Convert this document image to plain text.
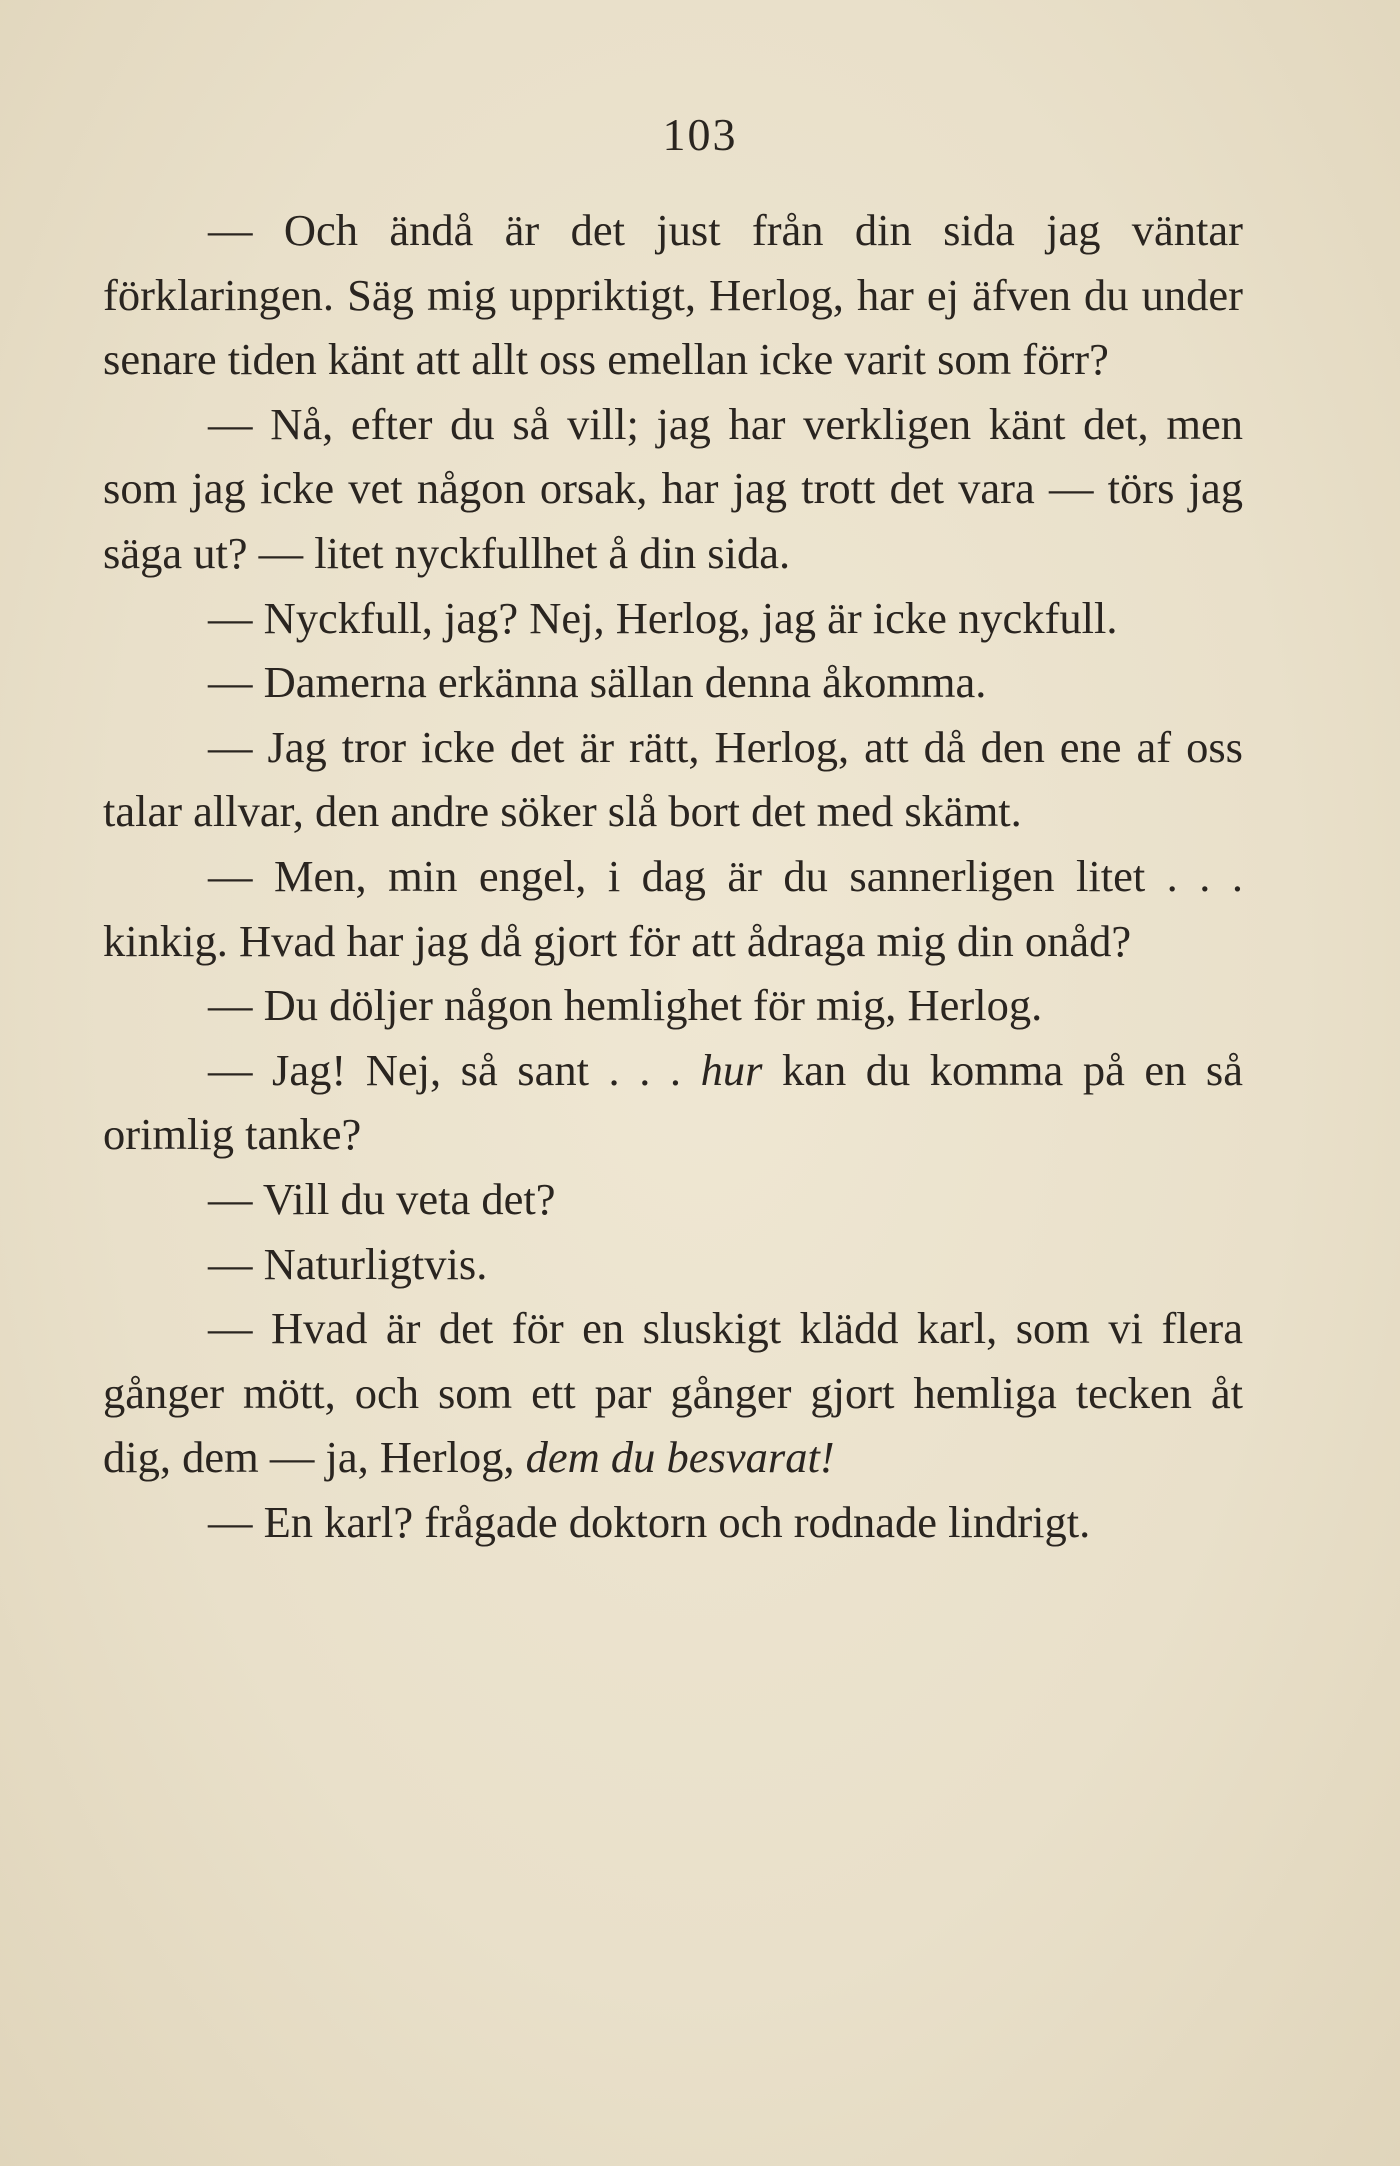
103

— Och ändå är det just från din sida jag väntar förklaringen. Säg mig uppriktigt, Herlog, har ej äfven du under senare tiden känt att allt oss emellan icke varit som förr?

— Nå, efter du så vill; jag har verkligen känt det, men som jag icke vet någon orsak, har jag trott det vara — törs jag säga ut? — litet nyckfullhet å din sida.

— Nyckfull, jag? Nej, Herlog, jag är icke nyckfull.

— Damerna erkänna sällan denna åkomma.

— Jag tror icke det är rätt, Herlog, att då den ene af oss talar allvar, den andre söker slå bort det med skämt.

— Men, min engel, i dag är du sannerligen litet . . . kinkig. Hvad har jag då gjort för att ådraga mig din onåd?

— Du döljer någon hemlighet för mig, Herlog.

— Jag! Nej, så sant . . . hur kan du komma på en så orimlig tanke?

— Vill du veta det?

— Naturligtvis.

— Hvad är det för en sluskigt klädd karl, som vi flera gånger mött, och som ett par gånger gjort hemliga tecken åt dig, dem — ja, Herlog, dem du besvarat!

— En karl? frågade doktorn och rodnade lindrigt.
